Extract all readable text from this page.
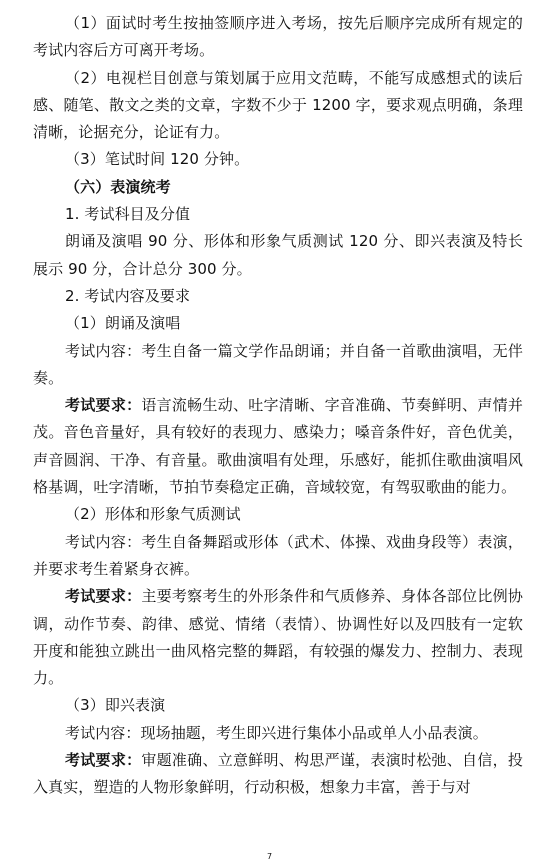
（1）面试时考生按抽签顺序进入考场，按先后顺序完成所有规定的考试内容后方可离开考场。

（2）电视栏目创意与策划属于应用文范畴，不能写成感想式的读后感、随笔、散文之类的文章，字数不少于 1200 字，要求观点明确，条理清晰，论据充分，论证有力。

（3）笔试时间 120 分钟。

（六）表演统考

1. 考试科目及分值

朗诵及演唱 90 分、形体和形象气质测试 120 分、即兴表演及特长展示 90 分，合计总分 300 分。

2. 考试内容及要求

（1）朗诵及演唱

考试内容：考生自备一篇文学作品朗诵；并自备一首歌曲演唱，无伴奏。

考试要求：语言流畅生动、吐字清晰、字音准确、节奏鲜明、声情并茂。音色音量好，具有较好的表现力、感染力；嗓音条件好，音色优美，声音圆润、干净、有音量。歌曲演唱有处理，乐感好，能抓住歌曲演唱风格基调，吐字清晰，节拍节奏稳定正确，音域较宽，有驾驭歌曲的能力。

（2）形体和形象气质测试

考试内容：考生自备舞蹈或形体（武术、体操、戏曲身段等）表演，并要求考生着紧身衣裤。

考试要求：主要考察考生的外形条件和气质修养、身体各部位比例协调，动作节奏、韵律、感觉、情绪（表情）、协调性好以及四肢有一定软开度和能独立跳出一曲风格完整的舞蹈，有较强的爆发力、控制力、表现力。

（3）即兴表演

考试内容：现场抽题，考生即兴进行集体小品或单人小品表演。

考试要求：审题准确、立意鲜明、构思严谨，表演时松弛、自信，投入真实，塑造的人物形象鲜明，行动积极，想象力丰富，善于与对

7
